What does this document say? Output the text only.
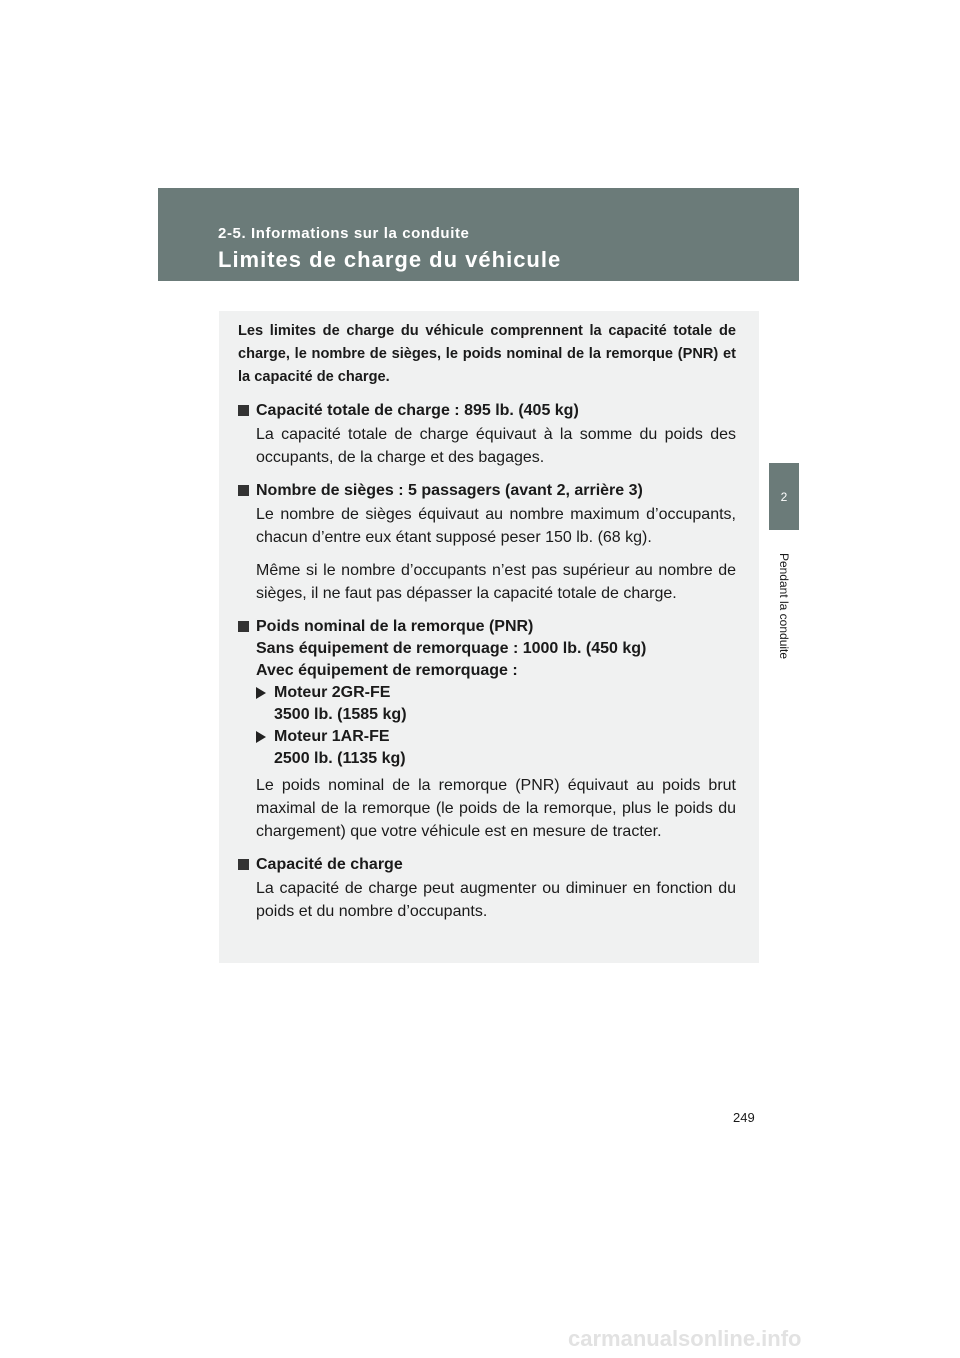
2-5. Informations sur la conduite
Limites de charge du véhicule
2
Pendant la conduite

Les limites de charge du véhicule comprennent la capacité totale de charge, le nombre de sièges, le poids nominal de la remorque (PNR) et la capacité de charge.

Capacité totale de charge : 895 lb. (405 kg)

La capacité totale de charge équivaut à la somme du poids des occupants, de la charge et des bagages.

Nombre de sièges : 5 passagers (avant 2, arrière 3)

Le nombre de sièges équivaut au nombre maximum d’occupants, chacun d’entre eux étant supposé peser 150 lb. (68 kg).

Même si le nombre d’occupants n’est pas supérieur au nombre de sièges, il ne faut pas dépasser la capacité totale de charge.

Poids nominal de la remorque (PNR)

Sans équipement de remorquage : 1000 lb. (450 kg)
Avec équipement de remorquage :
Moteur 2GR-FE
3500 lb. (1585 kg)
Moteur 1AR-FE
2500 lb. (1135 kg)

Le poids nominal de la remorque (PNR) équivaut au poids brut maximal de la remorque (le poids de la remorque, plus le poids du chargement) que votre véhicule est en mesure de tracter.

Capacité de charge

La capacité de charge peut augmenter ou diminuer en fonction du poids et du nombre d’occupants.

249
carmanualsonline.info
